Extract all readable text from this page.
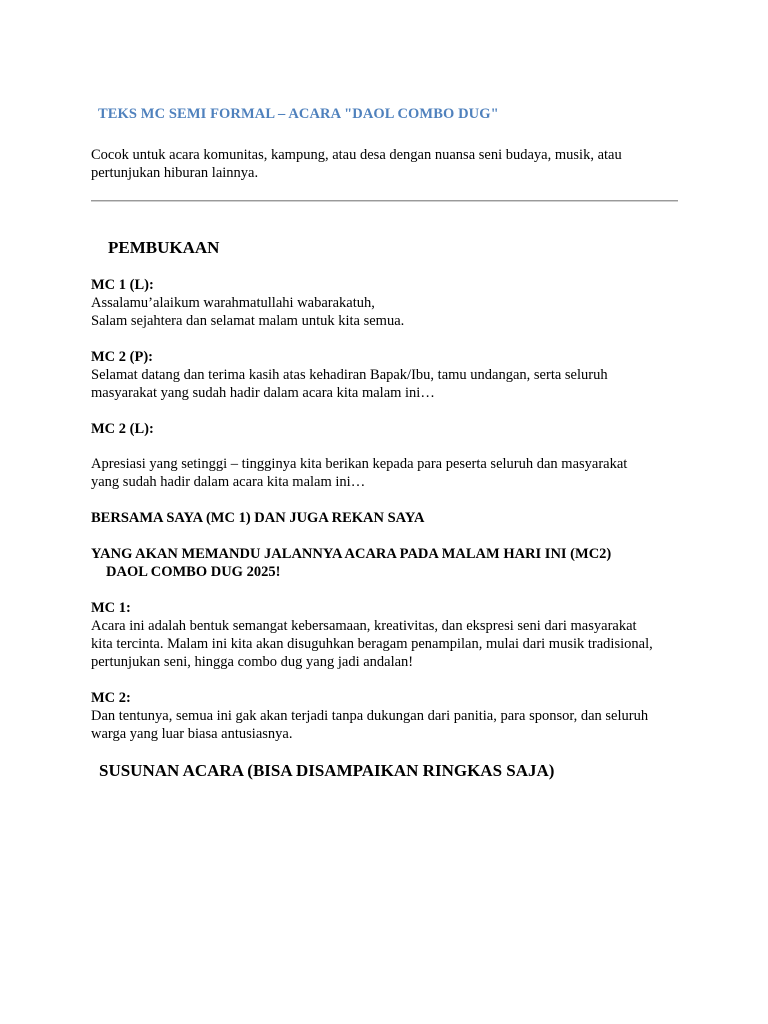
TEKS MC SEMI FORMAL – ACARA "DAOL COMBO DUG"

Cocok untuk acara komunitas, kampung, atau desa dengan nuansa seni budaya, musik, atau
pertunjukan hiburan lainnya.

PEMBUKAAN

MC 1 (L):

Assalamu’alaikum warahmatullahi wabarakatuh,
Salam sejahtera dan selamat malam untuk kita semua.

MC 2 (P):

Selamat datang dan terima kasih atas kehadiran Bapak/Ibu, tamu undangan, serta seluruh
masyarakat yang sudah hadir dalam acara kita malam ini…

MC 2 (L):

Apresiasi yang setinggi – tingginya kita berikan kepada para peserta seluruh dan masyarakat
yang sudah hadir dalam acara kita malam ini…

BERSAMA SAYA (MC 1) DAN JUGA REKAN SAYA

YANG AKAN MEMANDU JALANNYA ACARA PADA MALAM HARI INI (MC2)

DAOL COMBO DUG 2025!

MC 1:

Acara ini adalah bentuk semangat kebersamaan, kreativitas, dan ekspresi seni dari masyarakat
kita tercinta. Malam ini kita akan disuguhkan beragam penampilan, mulai dari musik tradisional,
pertunjukan seni, hingga combo dug yang jadi andalan!

MC 2:

Dan tentunya, semua ini gak akan terjadi tanpa dukungan dari panitia, para sponsor, dan seluruh
warga yang luar biasa antusiasnya.

SUSUNAN ACARA (BISA DISAMPAIKAN RINGKAS SAJA)
